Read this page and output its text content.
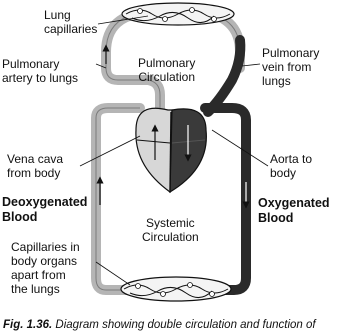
Lung
capillaries
Pulmonary
artery to lungs
Pulmonary
Circulation
Pulmonary
vein from
lungs
Vena cava
from body
Aorta to
body
Deoxygenated
Blood
Oxygenated
Blood
Systemic
Circulation
Capillaries in
body organs
apart from
the lungs
Fig. 1.36. Diagram showing double circulation and function of
